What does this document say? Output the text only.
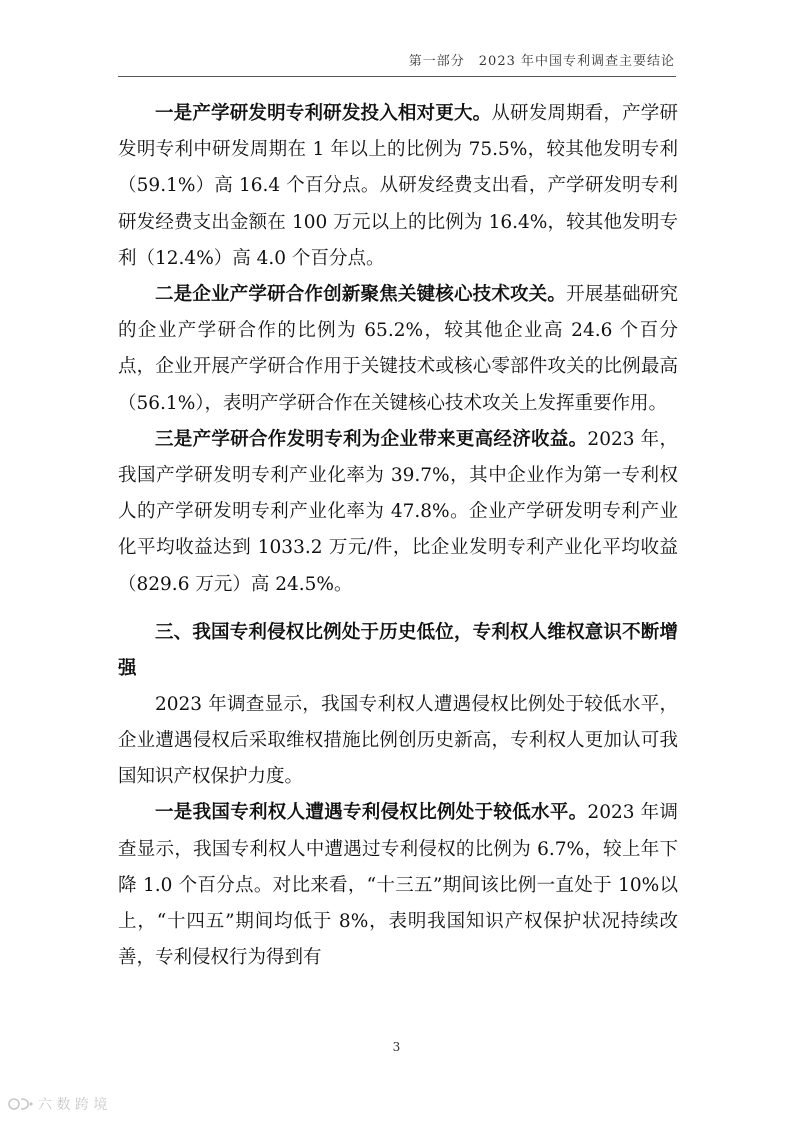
第一部分　2023 年中国专利调查主要结论

一是产学研发明专利研发投入相对更大。从研发周期看，产学研发明专利中研发周期在 1 年以上的比例为 75.5%，较其他发明专利（59.1%）高 16.4 个百分点。从研发经费支出看，产学研发明专利研发经费支出金额在 100 万元以上的比例为 16.4%，较其他发明专利（12.4%）高 4.0 个百分点。

二是企业产学研合作创新聚焦关键核心技术攻关。开展基础研究的企业产学研合作的比例为 65.2%，较其他企业高 24.6 个百分点，企业开展产学研合作用于关键技术或核心零部件攻关的比例最高（56.1%），表明产学研合作在关键核心技术攻关上发挥重要作用。

三是产学研合作发明专利为企业带来更高经济收益。2023 年，我国产学研发明专利产业化率为 39.7%，其中企业作为第一专利权人的产学研发明专利产业化率为 47.8%。企业产学研发明专利产业化平均收益达到 1033.2 万元/件，比企业发明专利产业化平均收益（829.6 万元）高 24.5%。

三、我国专利侵权比例处于历史低位，专利权人维权意识不断增强

2023 年调查显示，我国专利权人遭遇侵权比例处于较低水平，企业遭遇侵权后采取维权措施比例创历史新高，专利权人更加认可我国知识产权保护力度。

一是我国专利权人遭遇专利侵权比例处于较低水平。2023 年调查显示，我国专利权人中遭遇过专利侵权的比例为 6.7%，较上年下降 1.0 个百分点。对比来看，“十三五”期间该比例一直处于 10%以上，“十四五”期间均低于 8%，表明我国知识产权保护状况持续改善，专利侵权行为得到有

3
六 数 跨 境
